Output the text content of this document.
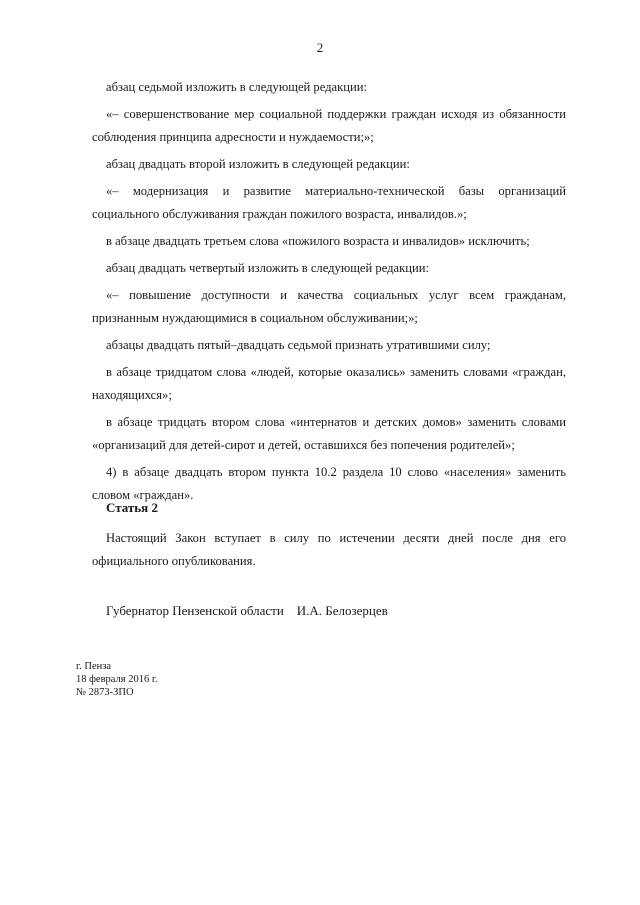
2

абзац седьмой изложить в следующей редакции:

«– совершенствование мер социальной поддержки граждан исходя из обязанности соблюдения принципа адресности и нуждаемости;»;

абзац двадцать второй изложить в следующей редакции:

«– модернизация и развитие материально-технической базы организаций социального обслуживания граждан пожилого возраста, инвалидов.»;

в абзаце двадцать третьем слова «пожилого возраста и инвалидов» исключить;

абзац двадцать четвертый изложить в следующей редакции:

«– повышение доступности и качества социальных услуг всем гражданам, признанным нуждающимися в социальном обслуживании;»;

абзацы двадцать пятый–двадцать седьмой признать утратившими силу;

в абзаце тридцатом слова «людей, которые оказались» заменить словами «граждан, находящихся»;

в абзаце тридцать втором слова «интернатов и детских домов» заменить словами «организаций для детей-сирот и детей, оставшихся без попечения родителей»;

4) в абзаце двадцать втором пункта 10.2 раздела 10 слово «населения» заменить словом «граждан».

Статья 2

Настоящий Закон вступает в силу по истечении десяти дней после дня его официального опубликования.

Губернатор Пензенской области И.А. Белозерцев
г. Пенза
18 февраля 2016 г.
№ 2873-ЗПО
